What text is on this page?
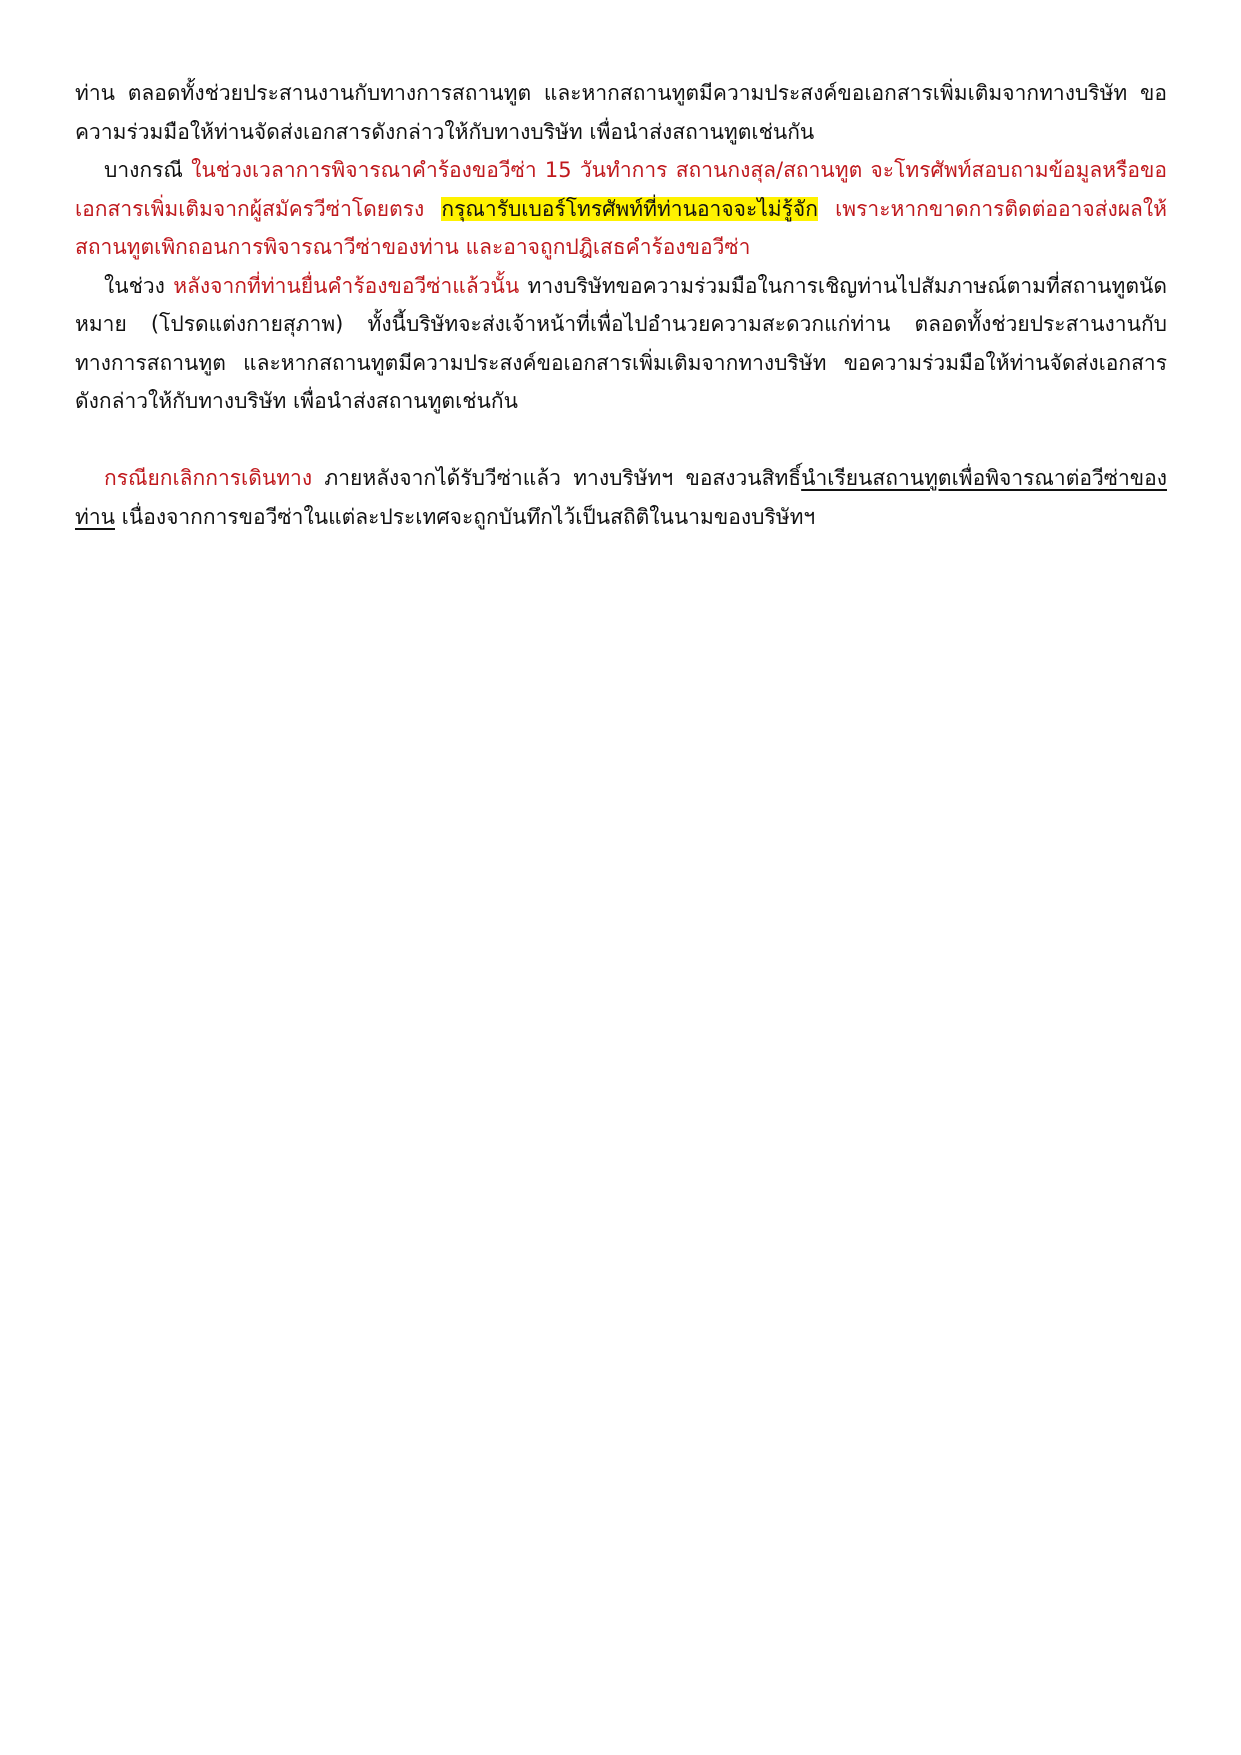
ท่าน ตลอดทั้งช่วยประสานงานกับทางการสถานทูต และหากสถานทูตมีความประสงค์ขอเอกสารเพิ่มเติมจากทางบริษัท ขอความร่วมมือให้ท่านจัดส่งเอกสารดังกล่าวให้กับทางบริษัท เพื่อนำส่งสถานทูตเช่นกัน

บางกรณี ในช่วงเวลาการพิจารณาคำร้องขอวีซ่า 15 วันทำการ สถานกงสุล/สถานทูต จะโทรศัพท์สอบถามข้อมูลหรือขอเอกสารเพิ่มเติมจากผู้สมัครวีซ่าโดยตรง กรุณารับเบอร์โทรศัพท์ที่ท่านอาจจะไม่รู้จัก เพราะหากขาดการติดต่ออาจส่งผลให้สถานทูตเพิกถอนการพิจารณาวีซ่าของท่าน และอาจถูกปฎิเสธคำร้องขอวีซ่า

ในช่วง หลังจากที่ท่านยื่นคำร้องขอวีซ่าแล้วนั้น ทางบริษัทขอความร่วมมือในการเชิญท่านไปสัมภาษณ์ตามที่สถานทูตนัดหมาย (โปรดแต่งกายสุภาพ) ทั้งนี้บริษัทจะส่งเจ้าหน้าที่เพื่อไปอำนวยความสะดวกแก่ท่าน ตลอดทั้งช่วยประสานงานกับทางการสถานทูต และหากสถานทูตมีความประสงค์ขอเอกสารเพิ่มเติมจากทางบริษัท ขอความร่วมมือให้ท่านจัดส่งเอกสารดังกล่าวให้กับทางบริษัท เพื่อนำส่งสถานทูตเช่นกัน

กรณียกเลิกการเดินทาง ภายหลังจากได้รับวีซ่าแล้ว ทางบริษัทฯ ขอสงวนสิทธิ์นำเรียนสถานทูตเพื่อพิจารณาต่อวีซ่าของท่าน เนื่องจากการขอวีซ่าในแต่ละประเทศจะถูกบันทึกไว้เป็นสถิติในนามของบริษัทฯ
